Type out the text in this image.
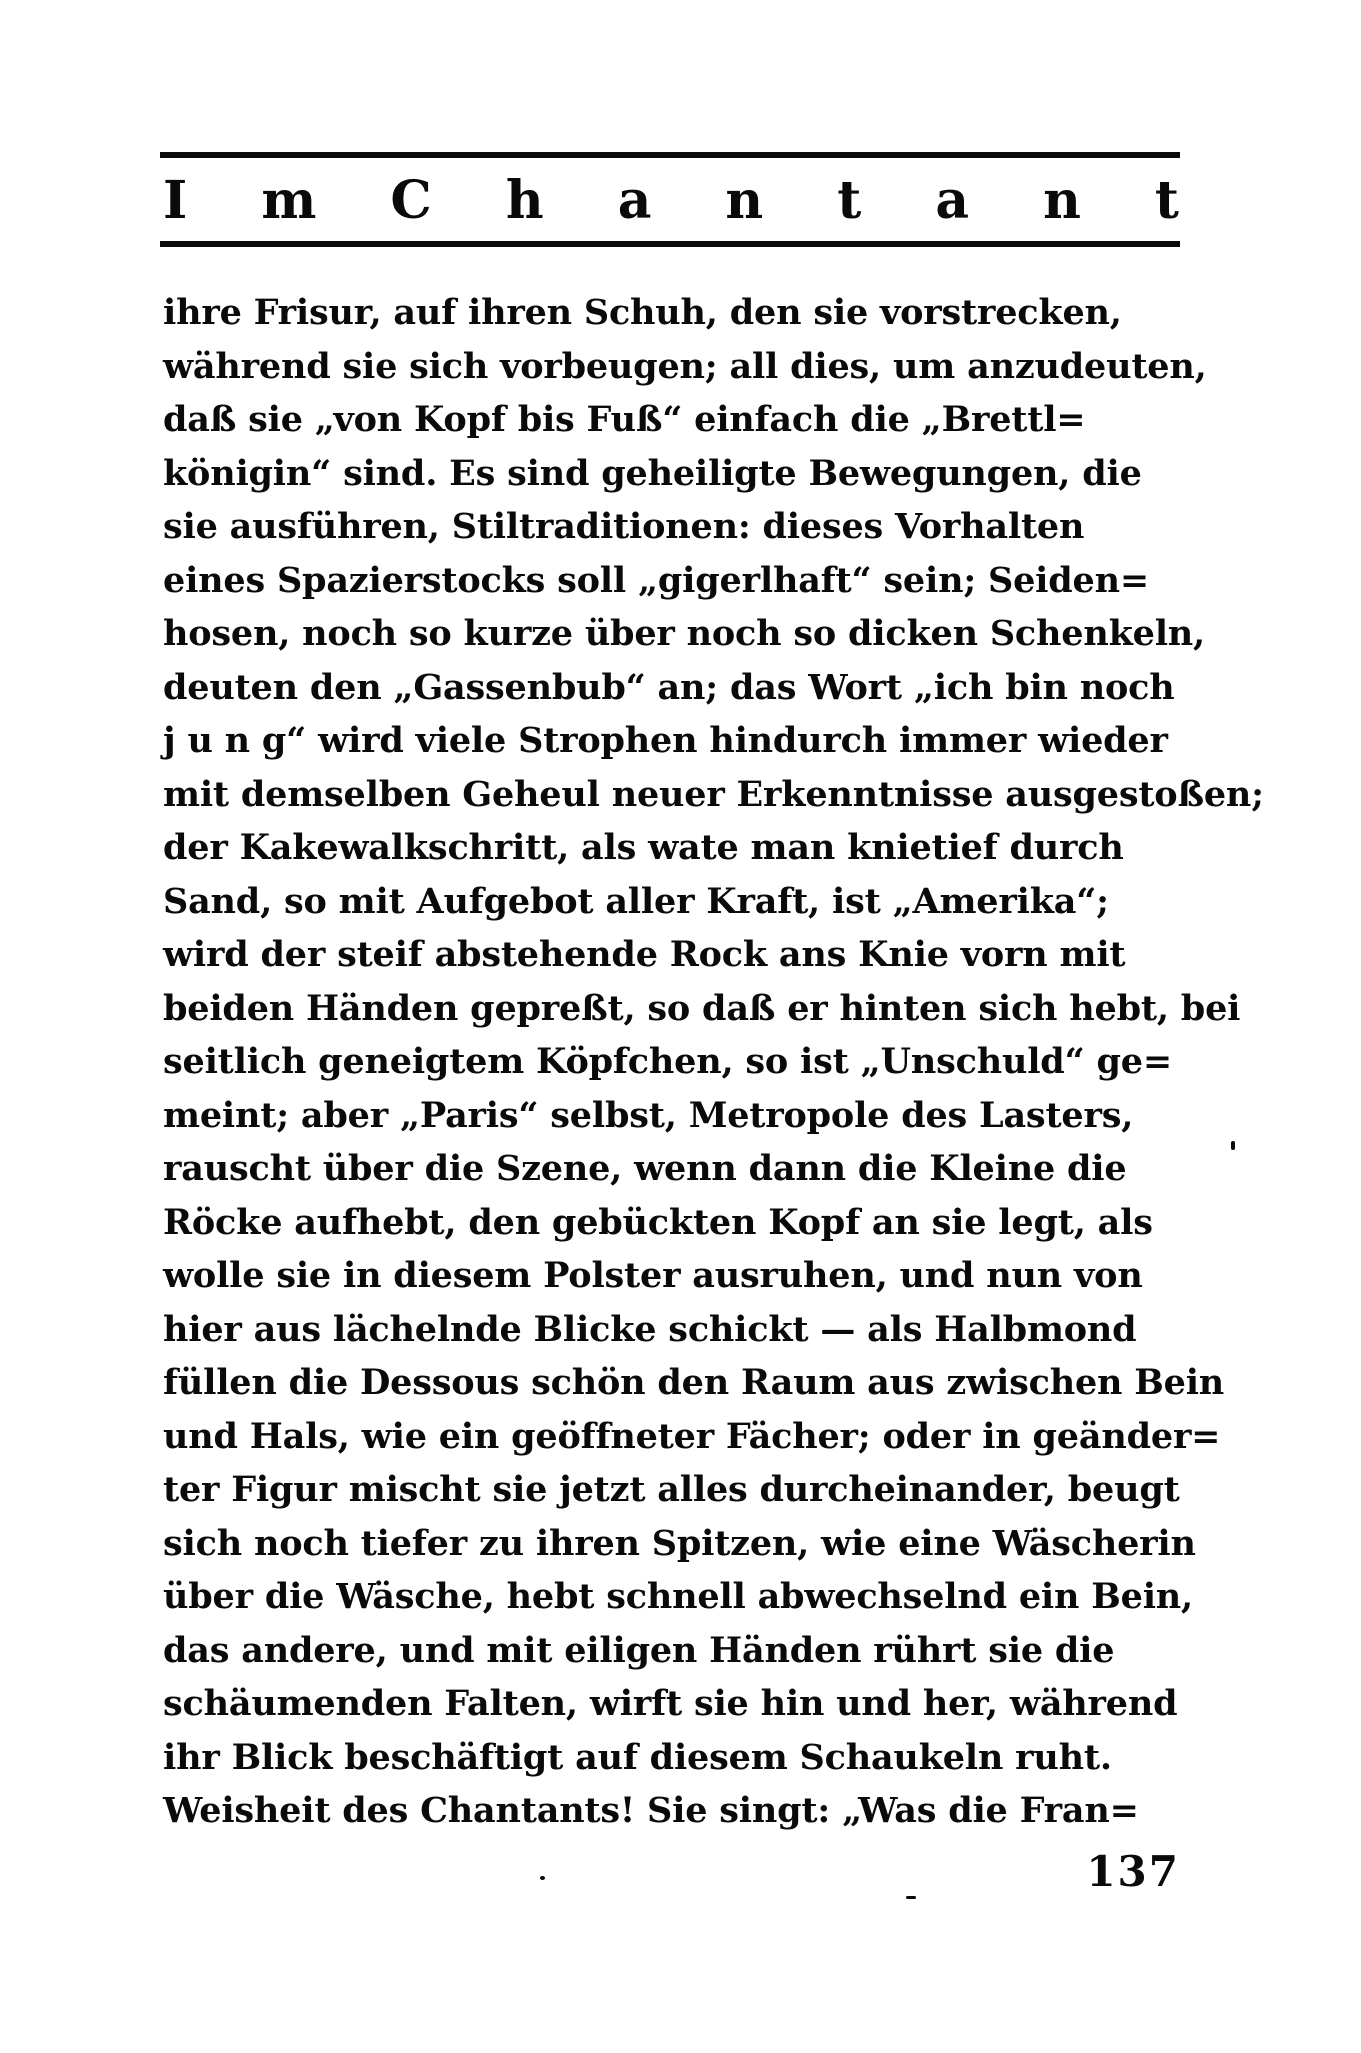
I m C h a n t a n t
ihre Frisur, auf ihren Schuh, den sie vorstrecken,
während sie sich vorbeugen; all dies, um anzudeuten,
daß sie „von Kopf bis Fuß“ einfach die „Brettl=
königin“ sind. Es sind geheiligte Bewegungen, die
sie ausführen, Stiltraditionen: dieses Vorhalten
eines Spazierstocks soll „gigerlhaft“ sein; Seiden=
hosen, noch so kurze über noch so dicken Schenkeln,
deuten den „Gassenbub“ an; das Wort „ich bin noch
j u n g“ wird viele Strophen hindurch immer wieder
mit demselben Geheul neuer Erkenntnisse ausgestoßen;
der Kakewalkschritt, als wate man knietief durch
Sand, so mit Aufgebot aller Kraft, ist „Amerika“;
wird der steif abstehende Rock ans Knie vorn mit
beiden Händen gepreßt, so daß er hinten sich hebt, bei
seitlich geneigtem Köpfchen, so ist „Unschuld“ ge=
meint; aber „Paris“ selbst, Metropole des Lasters,
rauscht über die Szene, wenn dann die Kleine die
Röcke aufhebt, den gebückten Kopf an sie legt, als
wolle sie in diesem Polster ausruhen, und nun von
hier aus lächelnde Blicke schickt — als Halbmond
füllen die Dessous schön den Raum aus zwischen Bein
und Hals, wie ein geöffneter Fächer; oder in geänder=
ter Figur mischt sie jetzt alles durcheinander, beugt
sich noch tiefer zu ihren Spitzen, wie eine Wäscherin
über die Wäsche, hebt schnell abwechselnd ein Bein,
das andere, und mit eiligen Händen rührt sie die
schäumenden Falten, wirft sie hin und her, während
ihr Blick beschäftigt auf diesem Schaukeln ruht.
Weisheit des Chantants! Sie singt: „Was die Fran=
137
